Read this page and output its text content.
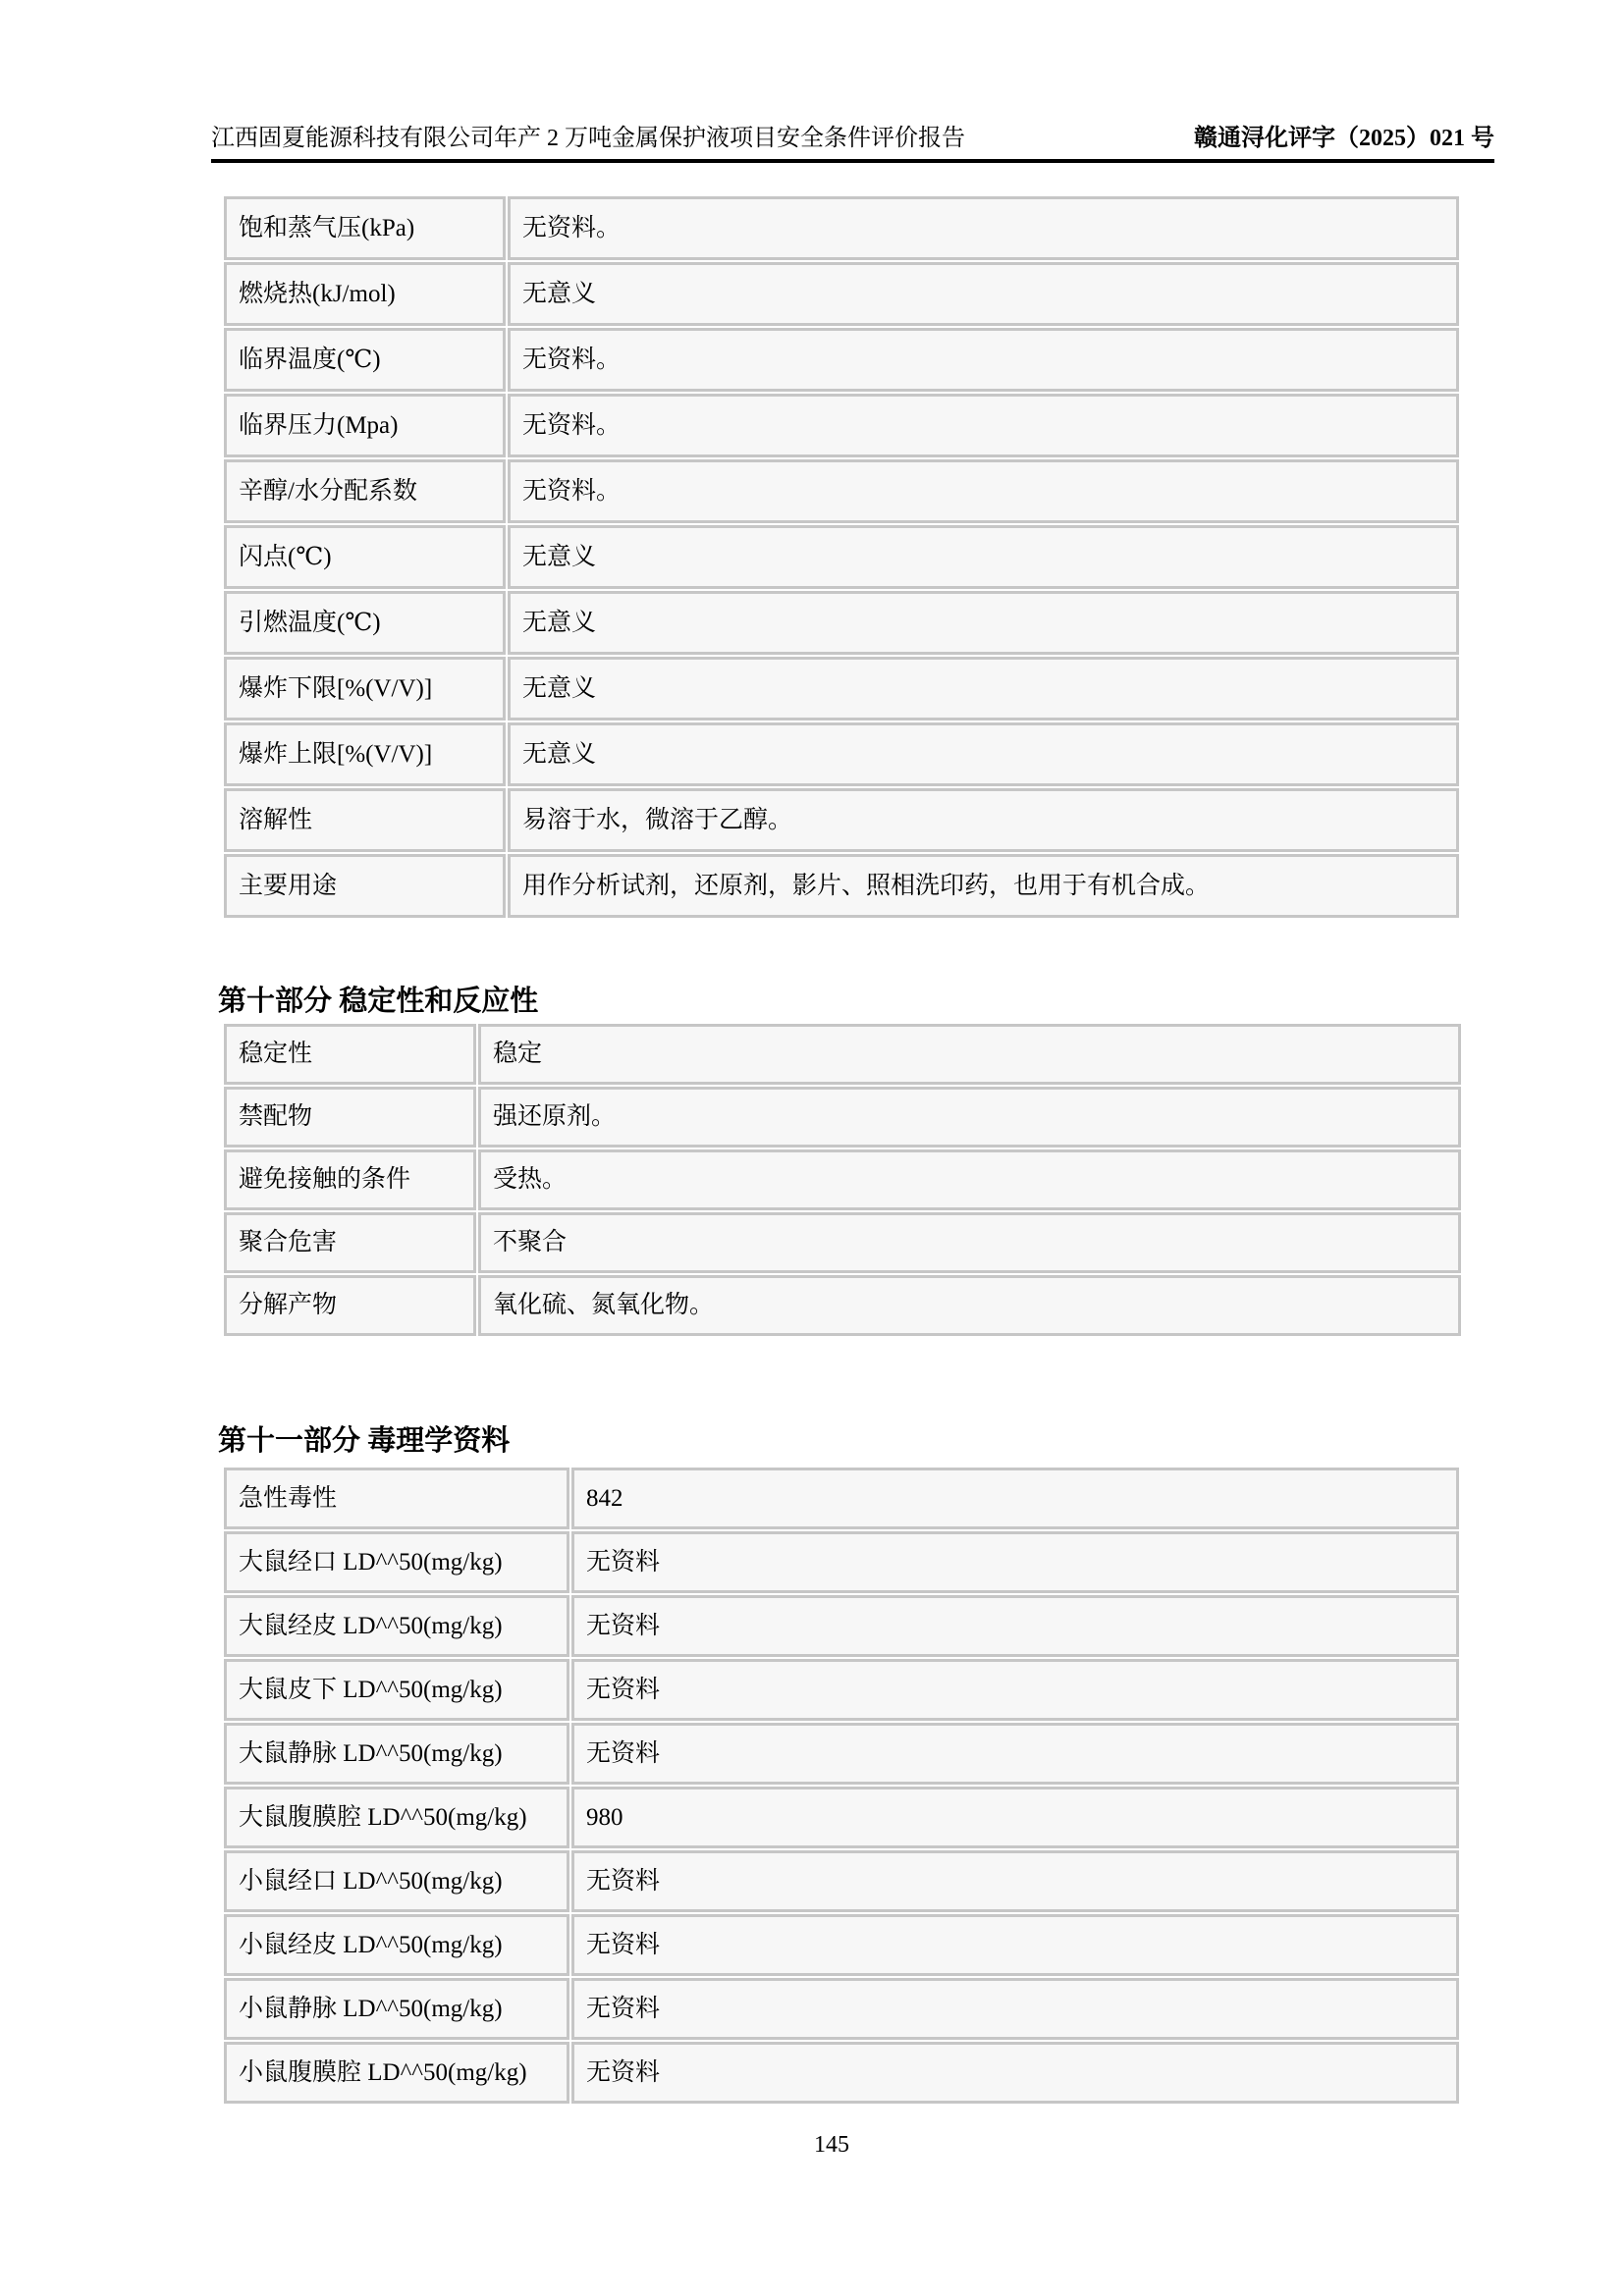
江西固夏能源科技有限公司年产 2 万吨金属保护液项目安全条件评价报告	赣通浔化评字（2025）021 号
饱和蒸气压(kPa)	无资料。
燃烧热(kJ/mol)	无意义
临界温度(℃)	无资料。
临界压力(Mpa)	无资料。
辛醇/水分配系数	无资料。
闪点(℃)	无意义
引燃温度(℃)	无意义
爆炸下限[%(V/V)]	无意义
爆炸上限[%(V/V)]	无意义
溶解性	易溶于水，微溶于乙醇。
主要用途	用作分析试剂，还原剂，影片、照相洗印药，也用于有机合成。
第十部分 稳定性和反应性
稳定性	稳定
禁配物	强还原剂。
避免接触的条件	受热。
聚合危害	不聚合
分解产物	氧化硫、氮氧化物。
第十一部分 毒理学资料
急性毒性	842
大鼠经口 LD^^50(mg/kg)	无资料
大鼠经皮 LD^^50(mg/kg)	无资料
大鼠皮下 LD^^50(mg/kg)	无资料
大鼠静脉 LD^^50(mg/kg)	无资料
大鼠腹膜腔 LD^^50(mg/kg)	980
小鼠经口 LD^^50(mg/kg)	无资料
小鼠经皮 LD^^50(mg/kg)	无资料
小鼠静脉 LD^^50(mg/kg)	无资料
小鼠腹膜腔 LD^^50(mg/kg)	无资料
145
